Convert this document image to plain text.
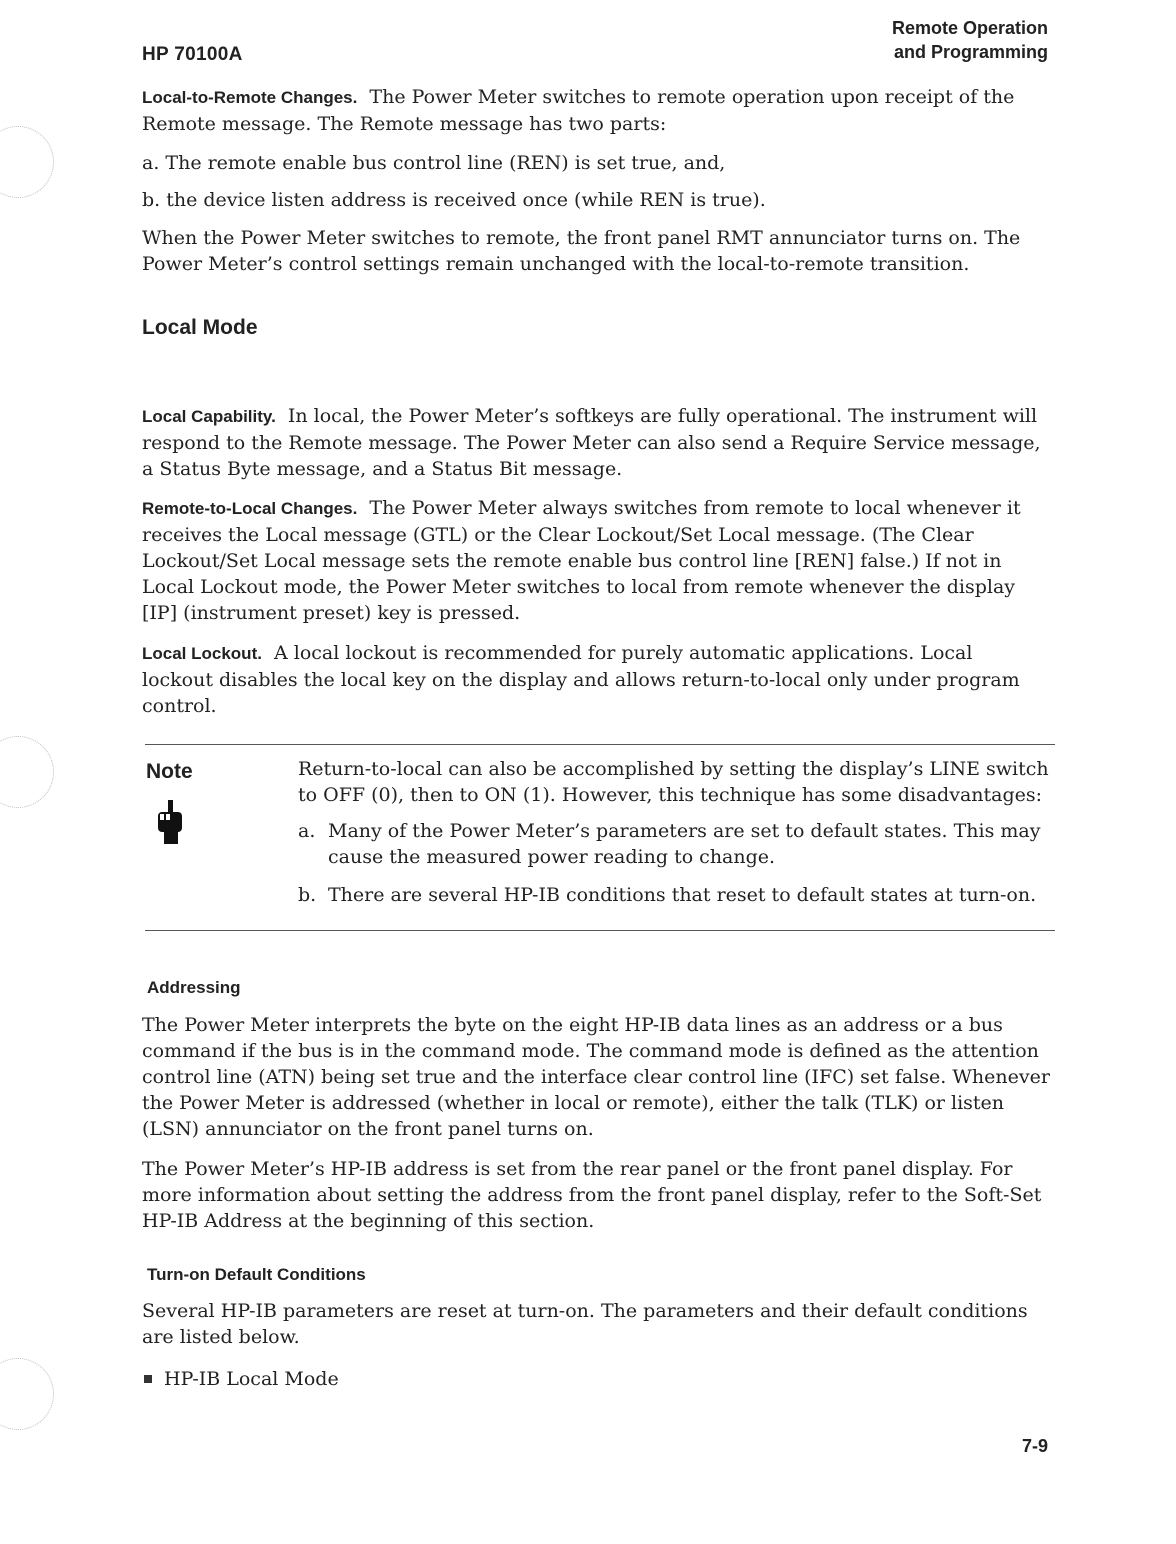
HP 70100A
Remote Operation
and Programming

Local-to-Remote Changes. The Power Meter switches to remote operation upon receipt of the Remote message. The Remote message has two parts:

a. The remote enable bus control line (REN) is set true, and,

b. the device listen address is received once (while REN is true).

When the Power Meter switches to remote, the front panel RMT annunciator turns on. The Power Meter’s control settings remain unchanged with the local-to-remote transition.

Local Mode

Local Capability. In local, the Power Meter’s softkeys are fully operational. The instrument will respond to the Remote message. The Power Meter can also send a Require Service message, a Status Byte message, and a Status Bit message.

Remote-to-Local Changes. The Power Meter always switches from remote to local whenever it receives the Local message (GTL) or the Clear Lockout/Set Local message. (The Clear Lockout/Set Local message sets the remote enable bus control line [REN] false.) If not in Local Lockout mode, the Power Meter switches to local from remote whenever the display [IP] (instrument preset) key is pressed.

Local Lockout. A local lockout is recommended for purely automatic applications. Local lockout disables the local key on the display and allows return-to-local only under program control.

Note	Return-to-local can also be accomplished by setting the display’s LINE switch to OFF (0), then to ON (1). However, this technique has some disadvantages:

a. Many of the Power Meter’s parameters are set to default states. This may cause the measured power reading to change.
b. There are several HP-IB conditions that reset to default states at turn-on.
Addressing

The Power Meter interprets the byte on the eight HP-IB data lines as an address or a bus command if the bus is in the command mode. The command mode is defined as the attention control line (ATN) being set true and the interface clear control line (IFC) set false. Whenever the Power Meter is addressed (whether in local or remote), either the talk (TLK) or listen (LSN) annunciator on the front panel turns on.

The Power Meter’s HP-IB address is set from the rear panel or the front panel display. For more information about setting the address from the front panel display, refer to the Soft-Set HP-IB Address at the beginning of this section.

Turn-on Default Conditions

Several HP-IB parameters are reset at turn-on. The parameters and their default conditions are listed below.

HP-IB Local Mode
7-9
